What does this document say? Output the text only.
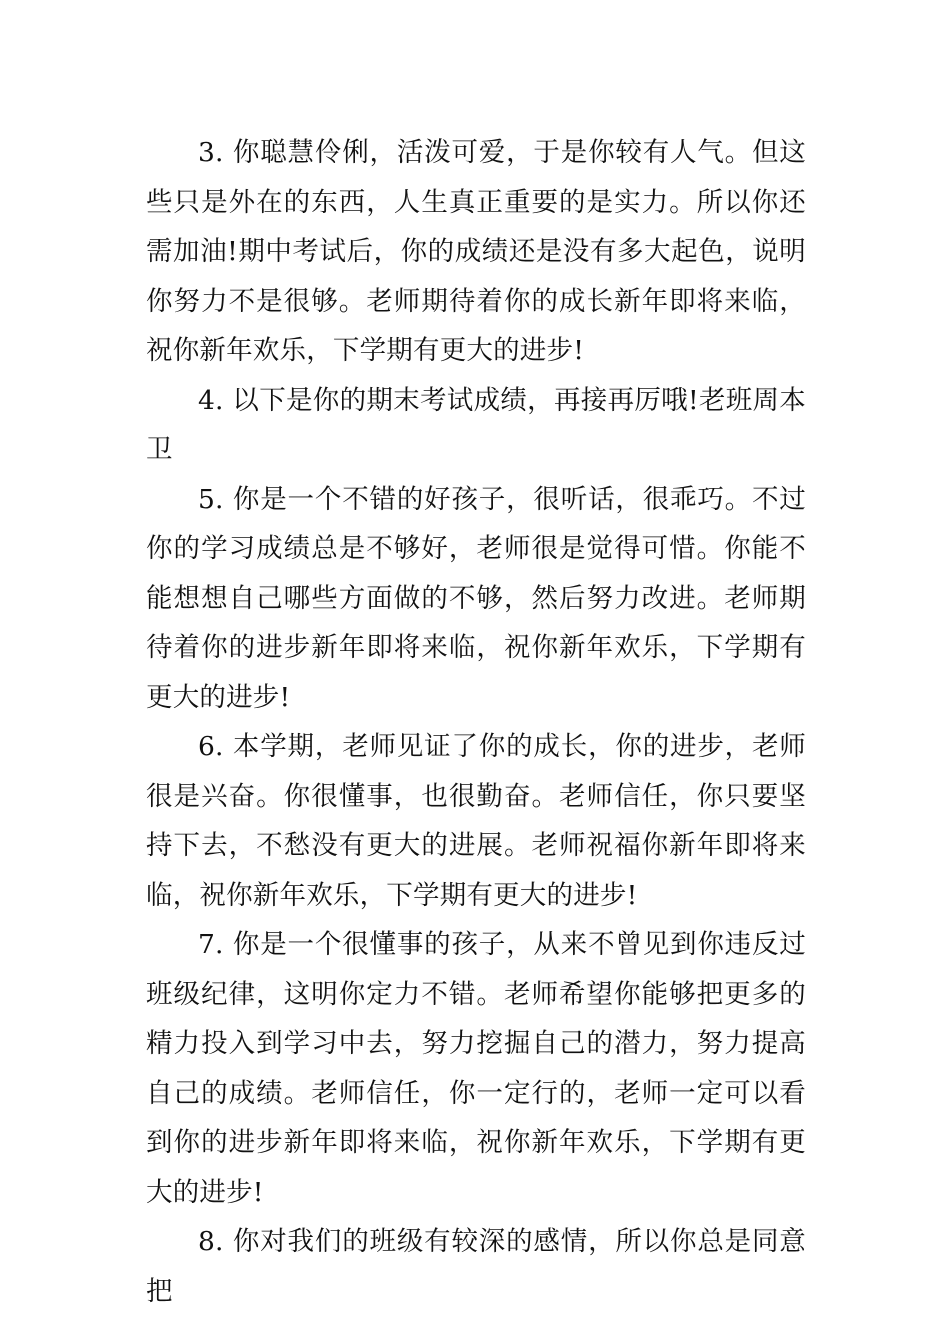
3. 你聪慧伶俐，活泼可爱，于是你较有人气。但这些只是外在的东西，人生真正重要的是实力。所以你还需加油!期中考试后，你的成绩还是没有多大起色，说明你努力不是很够。老师期待着你的成长新年即将来临，祝你新年欢乐，下学期有更大的进步!

4. 以下是你的期末考试成绩，再接再厉哦!老班周本卫

5. 你是一个不错的好孩子，很听话，很乖巧。不过你的学习成绩总是不够好，老师很是觉得可惜。你能不能想想自己哪些方面做的不够，然后努力改进。老师期待着你的进步新年即将来临，祝你新年欢乐，下学期有更大的进步!

6. 本学期，老师见证了你的成长，你的进步，老师很是兴奋。你很懂事，也很勤奋。老师信任，你只要坚持下去，不愁没有更大的进展。老师祝福你新年即将来临，祝你新年欢乐，下学期有更大的进步!

7. 你是一个很懂事的孩子，从来不曾见到你违反过班级纪律，这明你定力不错。老师希望你能够把更多的精力投入到学习中去，努力挖掘自己的潜力，努力提高自己的成绩。老师信任，你一定行的，老师一定可以看到你的进步新年即将来临，祝你新年欢乐，下学期有更大的进步!

8. 你对我们的班级有较深的感情，所以你总是同意把
